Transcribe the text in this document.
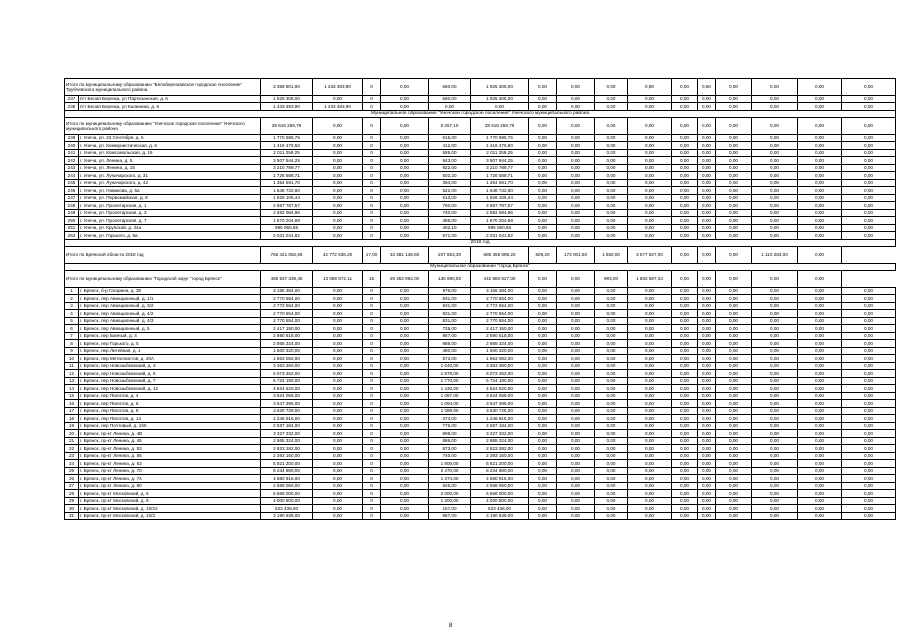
Итого по муниципальному образованию "Белоберезковское городское поселение" Трубчевского муниципального района		3 358 801,90	1 433 493,90	0	0,00	560,00	1 925 308,00	0,00	0,00	0,00	0,90	0,00	0,60	0,00	0,00	0,00	0,00
237	пгт Белая Березка, ул Партизанская, д. 6	1 925 308,00	0,00	0	0,00	560,00	1 925 308,00	0,00	0,00	0,00	0,00	0,00	0,00	0,00	0,00	0,00	0,00
238	пгт Белая Березка, ул Калинина, д. 6	1 433 493,90	1 433 493,90	0	0,00	0,00	0,00	0,00	0,00	0,00	0,00	0,00	0,00	0,00	0,00	0,00	0,00
Муниципальное образование "Унечское городское поселение" Унечского муниципального района																	
Итого по муниципальному образованию "Унечское городское поселение" Унечского муниципального района		28 619 259,79	0,00	0	0,00	8 257,10	28 619 259,79	0,00	0,00	0,00	0,00	0,00	0,00	0,00	0,00	0,00	0,00
239	г. Унеча, ул. 23 Сентября, д. 6	1 770 595,75	0,00	0	0,00	615,00	1 770 595,75	0,00	0,00	0,00	0,00	0,00	0,00	0,00	0,00	0,00	0,00
240	г. Унеча, ул. Коммунистическая, д. 6	1 416 476,50	0,00	0	0,00	412,00	1 416 476,50	0,00	0,00	0,00	0,00	0,00	0,00	0,00	0,00	0,00	0,00
241	г. Унеча, ул. Комсомольская, д. 16	2 011 259,25	0,00	0	0,00	585,00	2 011 259,25	0,00	0,00	0,00	0,00	0,00	0,00	0,00	0,00	0,00	0,00
242	г. Унеча, ул. Ленина, д. 5	3 507 944,25	0,00	0	0,00	943,00	3 507 944,25	0,00	0,00	0,00	0,00	0,00	0,00	0,00	0,00	0,00	0,00
243	г. Унеча, ул. Ленина, д. 15	3 210 789,77	0,00	0	0,00	922,00	3 210 789,77	0,00	0,00	0,00	0,00	0,00	0,00	0,00	0,00	0,00	0,00
244	г. Унеча, ул. Луначарского, д. 31	1 726 588,71	0,00	0	0,00	502,20	1 726 588,71	0,00	0,00	0,00	0,00	0,00	0,00	0,00	0,00	0,00	0,00
245	г. Унеча, ул. Луначарского, д. 42	1 354 591,70	0,00	0	0,00	394,00	1 354 591,70	0,00	0,00	0,00	0,00	0,00	0,00	0,00	0,00	0,00	0,00
246	г. Унеча, ул. Новикова, д. 5а	1 648 732,60	0,00	0	0,00	522,00	1 648 732,60	0,00	0,00	0,00	0,00	0,00	0,00	0,00	0,00	0,00	0,00
247	г. Унеча, ул. Первомайская, д. 8	1 926 106,44	0,00	0	0,00	513,00	1 926 106,44	0,00	0,00	0,00	0,00	0,00	0,00	0,00	0,00	0,00	0,00
248	г. Унеча, ул. Пролетарская, д. 1	2 667 787,57	0,00	0	0,00	760,00	2 667 787,57	0,00	0,00	0,00	0,00	0,00	0,00	0,00	0,00	0,00	0,00
249	г. Унеча, ул. Пролетарская, д. 3	2 682 084,96	0,00	0	0,00	740,00	2 682 084,96	0,00	0,00	0,00	0,00	0,00	0,00	0,00	0,00	0,00	0,00
250	г. Унеча, ул. Пролетарская, д. 7	1 670 204,69	0,00	0	0,00	485,00	1 670 204,69	0,00	0,00	0,00	0,00	0,00	0,00	0,00	0,00	0,00	0,00
251	г. Унеча, ул. Крупской, д. 34а	995 060,65	0,00	0	0,00	402,10	995 060,65	0,00	0,00	0,00	0,00	0,00	0,00	0,00	0,00	0,00	0,00
252	г. Унеча, ул. Горького, д. 8а	2 031 041,82	0,00	0	0,00	671,00	2 031 041,82	0,00	0,00	0,00	0,00	0,00	0,00	0,00	0,00	0,00	0,00
2018 год																	
Итого по Брянской области 2018 год		766 421 052,59	42 772 636,20	17,00	33 381 145,60	207 553,30	685 455 889,20	609,20	173 001,50	1 650,00	3 577 827,00	0,00	0,00	0,00	1 110 283,00	0,00	
Муниципальное образование "город Брянск"																	
Итого по муниципальному образованию "Городской округ "город Брянск"		486 937 339,45	13 086 872,11	15	29 453 962,00	135 990,50	442 880 627,00	0,00	0,00	993,00	1 502 687,34	0,00	0,00	0,00	0,00	0,00	
1	г. Брянск, б-р Гагарина, д. 30	3 166 384,00	0,00	0	0,00	976,00	3 166 384,00	0,00	0,00	0,00	0,00	0,00	0,00	0,00	0,00	0,00	0,00
2	г. Брянск, пер Авиационный, д. 1/1	2 770 554,00	0,00	0	0,00	831,00	2 770 554,00	0,00	0,00	0,00	0,00	0,00	0,00	0,00	0,00	0,00	0,00
3	г. Брянск, пер Авиационный, д. 3/2	2 772 554,00	0,00	0	0,00	831,00	2 772 554,00	0,00	0,00	0,00	0,00	0,00	0,00	0,00	0,00	0,00	0,00
4	г. Брянск, пер Авиационный, д. 4/2	2 770 554,00	0,00	0	0,00	831,00	2 770 554,00	0,00	0,00	0,00	0,00	0,00	0,00	0,00	0,00	0,00	0,00
5	г. Брянск, пер Авиационный, д. 4/3	2 770 554,00	0,00	0	0,00	831,00	2 770 554,00	0,00	0,00	0,00	0,00	0,00	0,00	0,00	0,00	0,00	0,00
6	г. Брянск, пер Авиационный, д. 5	2 417 150,00	0,00	0	0,00	725,00	2 417 150,00	0,00	0,00	0,00	0,00	0,00	0,00	0,00	0,00	0,00	0,00
7	г. Брянск, пер Банный, д. 4	2 890 518,00	0,00	0	0,00	867,00	2 890 518,00	0,00	0,00	0,00	0,00	0,00	0,00	0,00	0,00	0,00	0,00
8	г. Брянск, пер Горького, д. 5	2 865 324,00	0,00	0	0,00	886,00	2 865 324,00	0,00	0,00	0,00	0,00	0,00	0,00	0,00	0,00	0,00	0,00
9	г. Брянск, пер Литейная, д. 1	1 600 320,00	0,00	0	0,00	480,00	1 600 320,00	0,00	0,00	0,00	0,00	0,00	0,00	0,00	0,00	0,00	0,00
10	г. Брянск, пер Металлистов, д. 20А	1 863 082,00	0,00	0	0,00	573,00	1 863 082,00	0,00	0,00	0,00	0,00	0,00	0,00	0,00	0,00	0,00	0,00
11	г. Брянск, пер Новозыбковский, д. 3	3 363 360,00	0,00	0	0,00	1 040,00	3 363 360,00	0,00	0,00	0,00	0,00	0,00	0,00	0,00	0,00	0,00	0,00
12	г. Брянск, пер Новозыбковский, д. 5	6 073 452,00	0,00	0	0,00	1 878,00	6 073 452,00	0,00	0,00	0,00	0,00	0,00	0,00	0,00	0,00	0,00	0,00
13	г. Брянск, пер Новозыбковский, д. 7	5 724 180,00	0,00	0	0,00	1 770,00	5 724 180,00	0,00	0,00	0,00	0,00	0,00	0,00	0,00	0,00	0,00	0,00
14	г. Брянск, пер Новозыбковский, д. 12	4 624 620,00	0,00	0	0,00	1 430,00	4 624 620,00	0,00	0,00	0,00	0,00	0,00	0,00	0,00	0,00	0,00	0,00
15	г. Брянск, пер Пилотов, д. 4	3 624 058,00	0,00	0	0,00	1 087,00	3 624 058,00	0,00	0,00	0,00	0,00	0,00	0,00	0,00	0,00	0,00	0,00
16	г. Брянск, пер Пилотов, д. 6	3 647 396,00	0,00	0	0,00	1 094,00	3 647 396,00	0,00	0,00	0,00	0,00	0,00	0,00	0,00	0,00	0,00	0,00
17	г. Брянск, пер Пилотов, д. 8	3 630 728,00	0,00	0	0,00	1 089,00	3 630 728,00	0,00	0,00	0,00	0,00	0,00	0,00	0,00	0,00	0,00	0,00
18	г. Брянск, пер Пилотов, д. 14	1 246 916,00	0,00	0	0,00	374,00	1 246 916,00	0,00	0,00	0,00	0,00	0,00	0,00	0,00	0,00	0,00	0,00
19	г. Брянск, пер Почтовый, д. 160	2 587 184,00	0,00	0	0,00	776,00	2 587 184,00	0,00	0,00	0,00	0,00	0,00	0,00	0,00	0,00	0,00	0,00
20	г. Брянск, пр-кт Ленина, д. 4В	3 327 332,00	0,00	0	0,00	998,00	3 327 332,00	0,00	0,00	0,00	0,00	0,00	0,00	0,00	0,00	0,00	0,00
21	г. Брянск, пр-кт Ленина, д. 45	2 865 324,00	0,00	0	0,00	886,00	2 865 324,00	0,00	0,00	0,00	0,00	0,00	0,00	0,00	0,00	0,00	0,00
22	г. Брянск, пр-кт Ленина, д. 53	2 823 282,00	0,00	0	0,00	873,00	2 823 282,00	0,00	0,00	0,00	0,00	0,00	0,00	0,00	0,00	0,00	0,00
23	г. Брянск, пр-кт Ленина, д. 55	2 393 160,00	0,00	0	0,00	740,00	2 393 160,00	0,00	0,00	0,00	0,00	0,00	0,00	0,00	0,00	0,00	0,00
24	г. Брянск, пр-кт Ленина, д. 63	5 821 200,00	0,00	0	0,00	1 800,00	5 821 200,00	0,00	0,00	0,00	0,00	0,00	0,00	0,00	0,00	0,00	0,00
25	г. Брянск, пр-кт Ленина, д. 70	8 234 880,00	0,00	0	0,00	2 470,00	8 234 880,00	0,00	0,00	0,00	0,00	0,00	0,00	0,00	0,00	0,00	0,00
26	г. Брянск, пр-кт Ленина, д. 74	4 580 916,00	0,00	0	0,00	1 374,00	4 580 916,00	0,00	0,00	0,00	0,00	0,00	0,00	0,00	0,00	0,00	0,00
27	г. Брянск, пр-кт Ленина, д. 80	2 668 050,00	0,00	0	0,00	825,00	2 668 050,00	0,00	0,00	0,00	0,00	0,00	0,00	0,00	0,00	0,00	0,00
28	г. Брянск, пр-кт Московский, д. 5	6 668 000,00	0,00	0	0,00	2 000,00	6 668 000,00	0,00	0,00	0,00	0,00	0,00	0,00	0,00	0,00	0,00	0,00
29	г. Брянск, пр-кт Московский, д. 9	4 000 800,00	0,00	0	0,00	1 200,00	4 000 800,00	0,00	0,00	0,00	0,00	0,00	0,00	0,00	0,00	0,00	0,00
30	г. Брянск, пр-кт Московский, д. 10/22	523 438,00	0,00	0	0,00	157,00	523 438,00	0,00	0,00	0,00	0,00	0,00	0,00	0,00	0,00	0,00	0,00
31	г. Брянск, пр-кт Московский, д. 10/3	3 190 638,00	0,00	0	0,00	957,00	3 190 638,00	0,00	0,00	0,00	0,00	0,00	0,00	0,00	0,00	0,00	0,00
8
